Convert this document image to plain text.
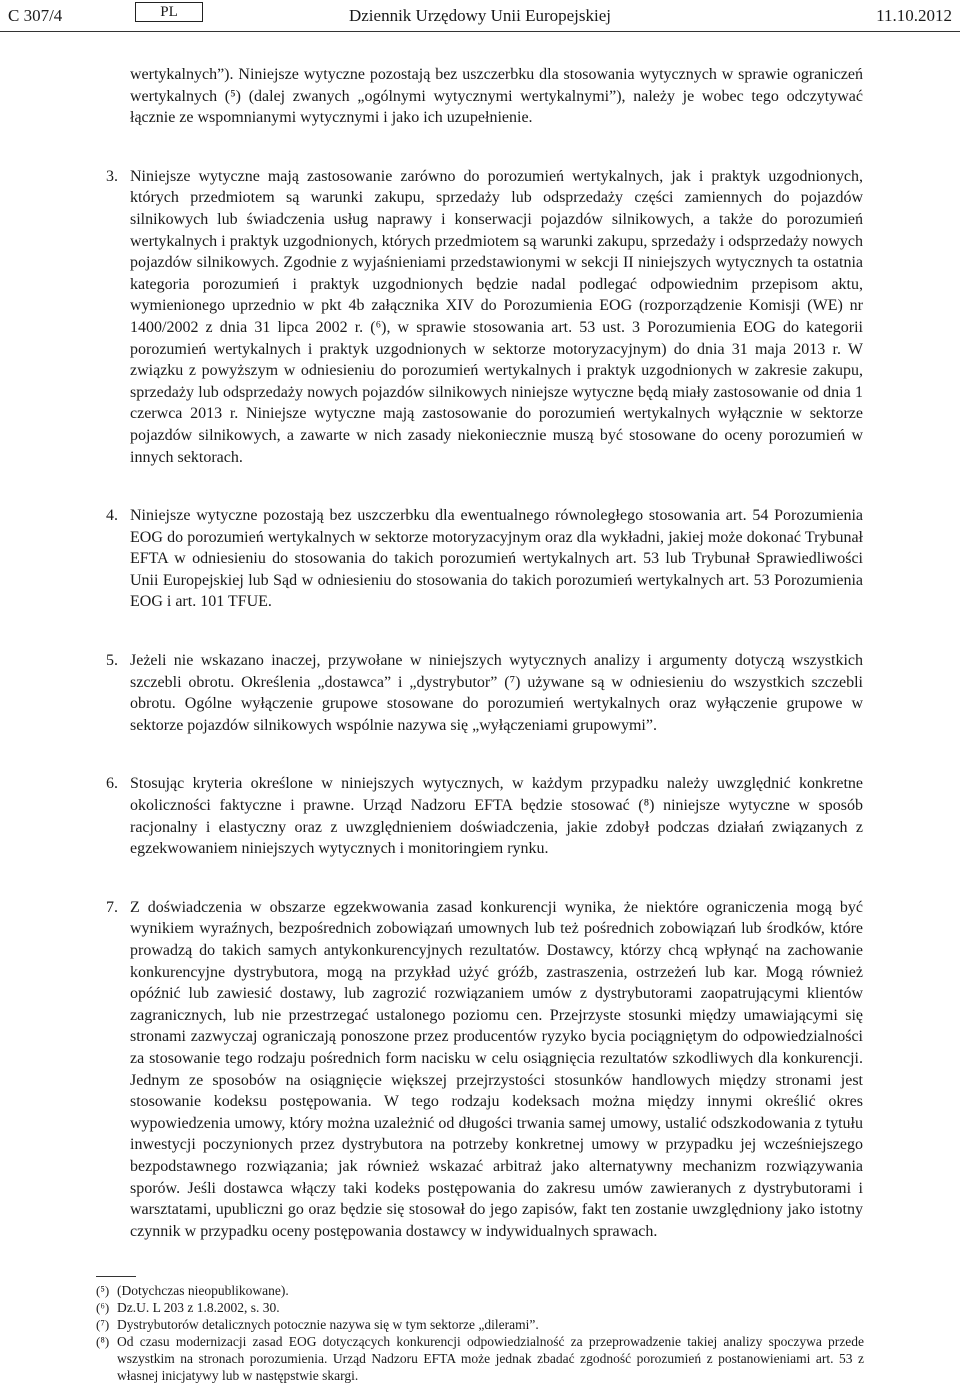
C 307/4	PL	Dziennik Urzędowy Unii Europejskiej	11.10.2012
wertykalnych”). Niniejsze wytyczne pozostają bez uszczerbku dla stosowania wytycznych w sprawie ograniczeń wertykalnych (⁵) (dalej zwanych „ogólnymi wytycznymi wertykalnymi”), należy je wobec tego odczytywać łącznie ze wspomnianymi wytycznymi i jako ich uzupełnienie.
3. Niniejsze wytyczne mają zastosowanie zarówno do porozumień wertykalnych, jak i praktyk uzgodnionych, których przedmiotem są warunki zakupu, sprzedaży lub odsprzedaży części zamiennych do pojazdów silnikowych lub świadczenia usług naprawy i konserwacji pojazdów silnikowych, a także do porozumień wertykalnych i praktyk uzgodnionych, których przedmiotem są warunki zakupu, sprzedaży i odsprzedaży nowych pojazdów silnikowych. Zgodnie z wyjaśnieniami przedstawionymi w sekcji II niniejszych wytycznych ta ostatnia kategoria porozumień i praktyk uzgodnionych będzie nadal podlegać odpowiednim przepisom aktu, wymienionego uprzednio w pkt 4b załącznika XIV do Porozumienia EOG (rozporządzenie Komisji (WE) nr 1400/2002 z dnia 31 lipca 2002 r. (⁶), w sprawie stosowania art. 53 ust. 3 Porozumienia EOG do kategorii porozumień wertykalnych i praktyk uzgodnionych w sektorze motoryzacyjnym) do dnia 31 maja 2013 r. W związku z powyższym w odniesieniu do porozumień wertykalnych i praktyk uzgodnionych w zakresie zakupu, sprzedaży lub odsprzedaży nowych pojazdów silnikowych niniejsze wytyczne będą miały zastosowanie od dnia 1 czerwca 2013 r. Niniejsze wytyczne mają zastosowanie do porozumień wertykalnych wyłącznie w sektorze pojazdów silnikowych, a zawarte w nich zasady niekoniecznie muszą być stosowane do oceny porozumień w innych sektorach.
4. Niniejsze wytyczne pozostają bez uszczerbku dla ewentualnego równoległego stosowania art. 54 Porozumienia EOG do porozumień wertykalnych w sektorze motoryzacyjnym oraz dla wykładni, jakiej może dokonać Trybunał EFTA w odniesieniu do stosowania do takich porozumień wertykalnych art. 53 lub Trybunał Sprawiedliwości Unii Europejskiej lub Sąd w odniesieniu do stosowania do takich porozumień wertykalnych art. 53 Porozumienia EOG i art. 101 TFUE.
5. Jeżeli nie wskazano inaczej, przywołane w niniejszych wytycznych analizy i argumenty dotyczą wszystkich szczebli obrotu. Określenia „dostawca” i „dystrybutor” (⁷) używane są w odniesieniu do wszystkich szczebli obrotu. Ogólne wyłączenie grupowe stosowane do porozumień wertykalnych oraz wyłączenie grupowe w sektorze pojazdów silnikowych wspólnie nazywa się „wyłączeniami grupowymi”.
6. Stosując kryteria określone w niniejszych wytycznych, w każdym przypadku należy uwzględnić konkretne okoliczności faktyczne i prawne. Urząd Nadzoru EFTA będzie stosować (⁸) niniejsze wytyczne w sposób racjonalny i elastyczny oraz z uwzględnieniem doświadczenia, jakie zdobył podczas działań związanych z egzekwowaniem niniejszych wytycznych i monitoringiem rynku.
7. Z doświadczenia w obszarze egzekwowania zasad konkurencji wynika, że niektóre ograniczenia mogą być wynikiem wyraźnych, bezpośrednich zobowiązań umownych lub też pośrednich zobowiązań lub środków, które prowadzą do takich samych antykonkurencyjnych rezultatów. Dostawcy, którzy chcą wpłynąć na zachowanie konkurencyjne dystrybutora, mogą na przykład użyć gróźb, zastraszenia, ostrzeżeń lub kar. Mogą również opóźnić lub zawiesić dostawy, lub zagrozić rozwiązaniem umów z dystrybutorami zaopatrującymi klientów zagranicznych, lub nie przestrzegać ustalonego poziomu cen. Przejrzyste stosunki między umawiającymi się stronami zazwyczaj ograniczają ponoszone przez producentów ryzyko bycia pociągniętym do odpowiedzialności za stosowanie tego rodzaju pośrednich form nacisku w celu osiągnięcia rezultatów szkodliwych dla konkurencji. Jednym ze sposobów na osiągnięcie większej przejrzystości stosunków handlowych między stronami jest stosowanie kodeksu postępowania. W tego rodzaju kodeksach można między innymi określić okres wypowiedzenia umowy, który można uzależnić od długości trwania samej umowy, ustalić odszkodowania z tytułu inwestycji poczynionych przez dystrybutora na potrzeby konkretnej umowy w przypadku jej wcześniejszego bezpodstawnego rozwiązania; jak również wskazać arbitraż jako alternatywny mechanizm rozwiązywania sporów. Jeśli dostawca włączy taki kodeks postępowania do zakresu umów zawieranych z dystrybutorami i warsztatami, upubliczni go oraz będzie się stosował do jego zapisów, fakt ten zostanie uwzględniony jako istotny czynnik w przypadku oceny postępowania dostawcy w indywidualnych sprawach.
(⁵) (Dotychczas nieopublikowane).
(⁶) Dz.U. L 203 z 1.8.2002, s. 30.
(⁷) Dystrybutorów detalicznych potocznie nazywa się w tym sektorze „dilerami”.
(⁸) Od czasu modernizacji zasad EOG dotyczących konkurencji odpowiedzialność za przeprowadzenie takiej analizy spoczywa przede wszystkim na stronach porozumienia. Urząd Nadzoru EFTA może jednak zbadać zgodność porozumień z postanowieniami art. 53 z własnej inicjatywy lub w następstwie skargi.
